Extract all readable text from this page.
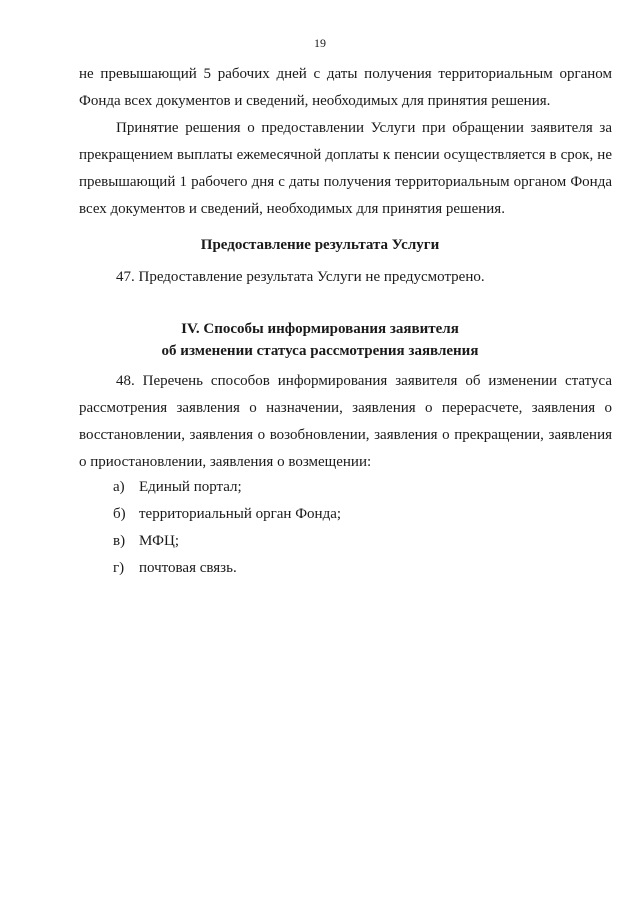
19
не превышающий 5 рабочих дней с даты получения территориальным органом Фонда всех документов и сведений, необходимых для принятия решения.
Принятие решения о предоставлении Услуги при обращении заявителя за прекращением выплаты ежемесячной доплаты к пенсии осуществляется в срок, не превышающий 1 рабочего дня с даты получения территориальным органом Фонда всех документов и сведений, необходимых для принятия решения.
Предоставление результата Услуги
47. Предоставление результата Услуги не предусмотрено.
IV. Способы информирования заявителя
об изменении статуса рассмотрения заявления
48. Перечень способов информирования заявителя об изменении статуса рассмотрения заявления о назначении, заявления о перерасчете, заявления о восстановлении, заявления о возобновлении, заявления о прекращении, заявления о приостановлении, заявления о возмещении:
а) Единый портал;
б) территориальный орган Фонда;
в) МФЦ;
г) почтовая связь.
